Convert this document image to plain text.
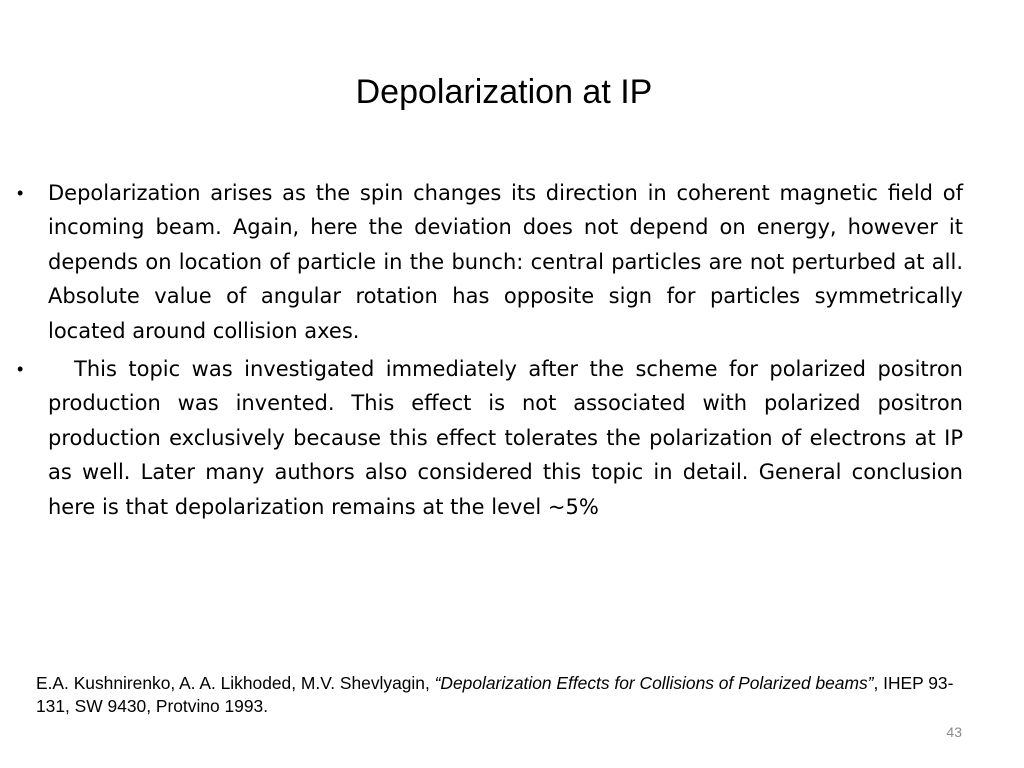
Depolarization at IP
• Depolarization arises as the spin changes its direction in coherent magnetic field of incoming beam. Again, here the deviation does not depend on energy, however it depends on location of particle in the bunch: central particles are not perturbed at all. Absolute value of angular rotation has opposite sign for particles symmetrically located around collision axes.
• This topic was investigated immediately after the scheme for polarized positron production was invented. This effect is not associated with polarized positron production exclusively because this effect tolerates the polarization of electrons at IP as well. Later many authors also considered this topic in detail. General conclusion here is that depolarization remains at the level ~5%

E.A. Kushnirenko, A. A. Likhoded, M.V. Shevlyagin, “Depolarization Effects for Collisions of Polarized beams”, IHEP 93-131, SW 9430, Protvino 1993.

43
